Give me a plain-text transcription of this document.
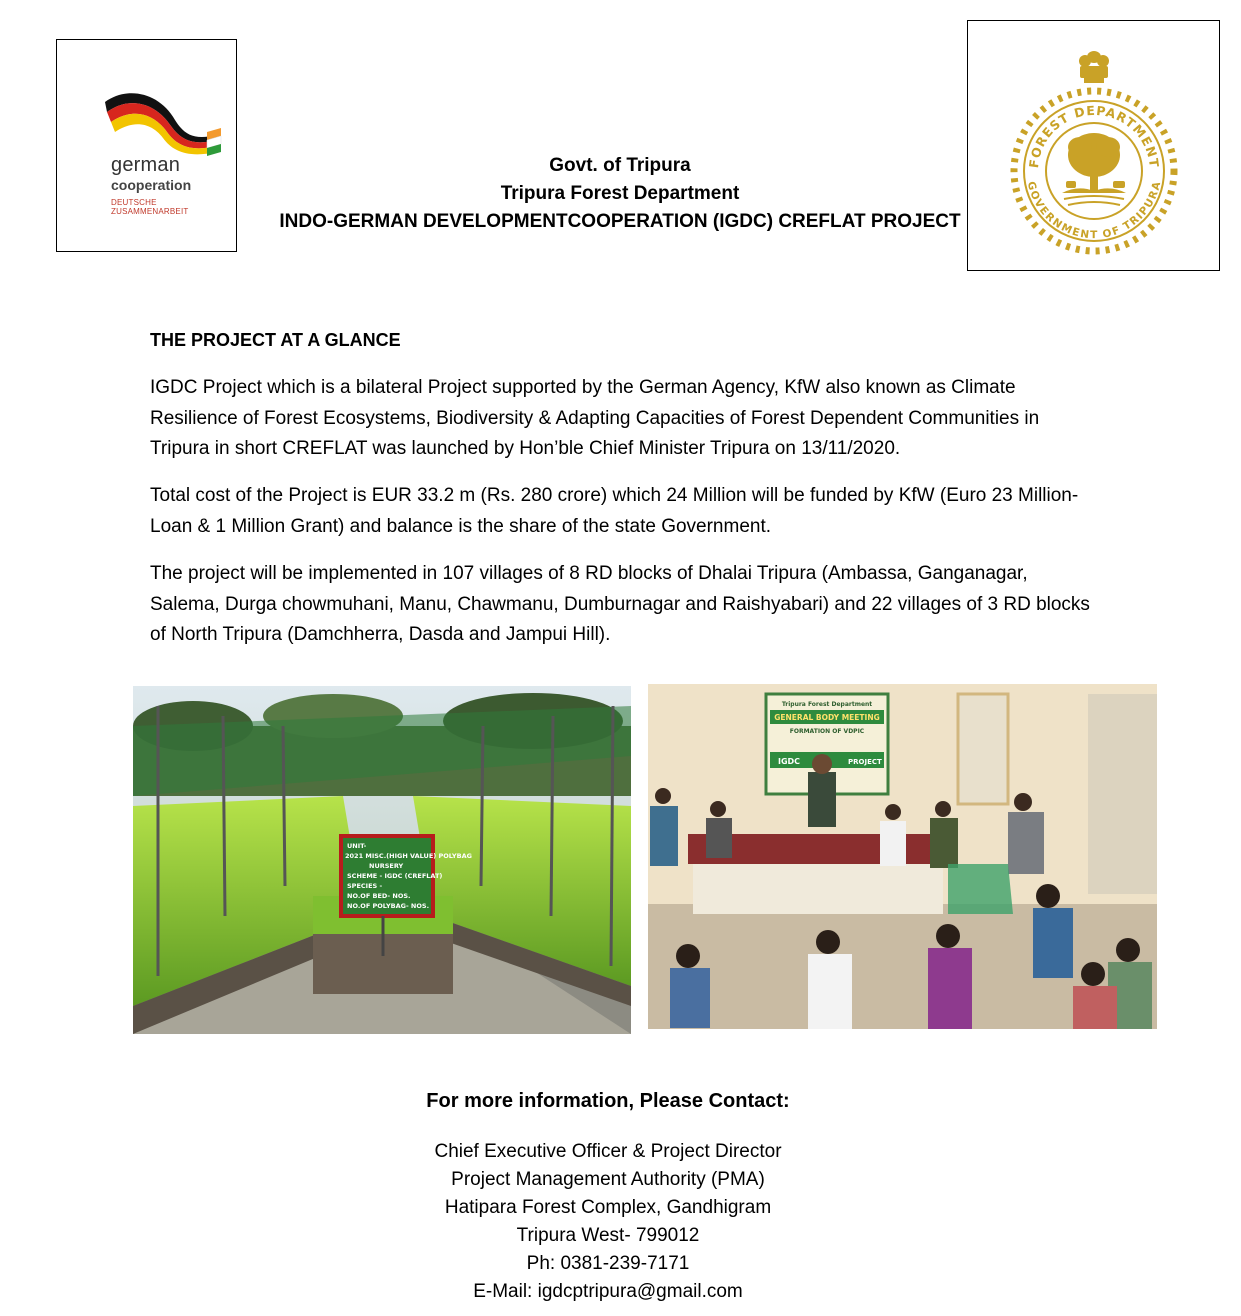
german
cooperation
DEUTSCHE ZUSAMMENARBEIT
Govt. of Tripura
Tripura Forest Department
INDO-GERMAN DEVELOPMENTCOOPERATION (IGDC) CREFLAT PROJECT
FOREST DEPARTMENT
GOVERNMENT OF TRIPURA
THE PROJECT AT A GLANCE

IGDC Project which is a bilateral Project supported by the German Agency, KfW also known as Climate Resilience of Forest Ecosystems, Biodiversity & Adapting Capacities of Forest Dependent Communities in Tripura in short CREFLAT was launched by Hon’ble Chief Minister Tripura on 13/11/2020.

Total cost of the Project is EUR 33.2 m (Rs. 280 crore) which 24 Million will be funded by KfW (Euro 23 Million-Loan & 1 Million Grant) and balance is the share of the state Government.

The project will be implemented in 107 villages of 8 RD blocks of Dhalai Tripura (Ambassa, Ganganagar, Salema, Durga chowmuhani, Manu, Chawmanu, Dumburnagar and Raishyabari) and 22 villages of 3 RD blocks of North Tripura (Damchherra, Dasda and Jampui Hill).

UNIT-
2021 MISC.(HIGH VALUE) POLYBAG
NURSERY
SCHEME - IGDC (CREFLAT)
SPECIES -
NO.OF BED- NOS.
NO.OF POLYBAG- NOS.
Tripura Forest Department
GENERAL BODY MEETING
FORMATION OF VDPIC
IGDC	PROJECT
For more information, Please Contact:
Chief Executive Officer & Project Director
Project Management Authority (PMA)
Hatipara Forest Complex, Gandhigram
Tripura West- 799012
Ph: 0381-239-7171
E-Mail: igdcptripura@gmail.com
